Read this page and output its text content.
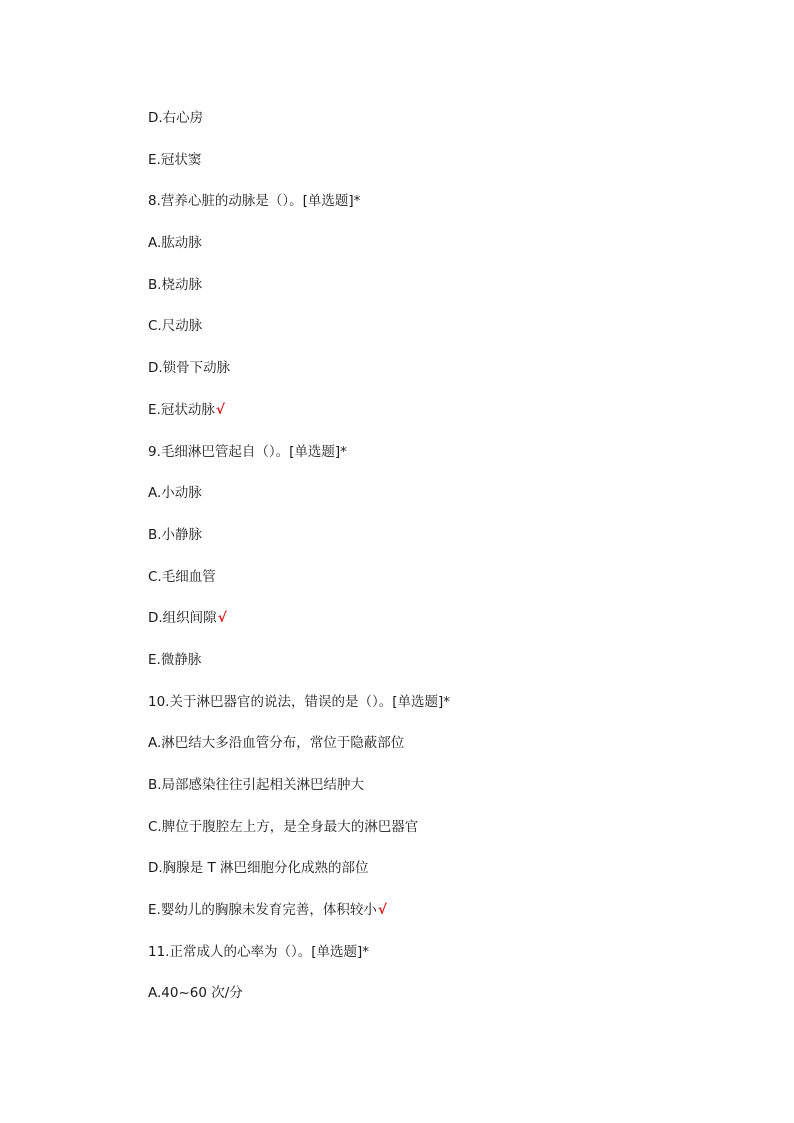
D.右心房
E.冠状窦
8.营养心脏的动脉是（）。[单选题]*
A.肱动脉
B.桡动脉
C.尺动脉
D.锁骨下动脉
E.冠状动脉√
9.毛细淋巴管起自（）。[单选题]*
A.小动脉
B.小静脉
C.毛细血管
D.组织间隙√
E.微静脉
10.关于淋巴器官的说法，错误的是（）。[单选题]*
A.淋巴结大多沿血管分布，常位于隐蔽部位
B.局部感染往往引起相关淋巴结肿大
C.脾位于腹腔左上方，是全身最大的淋巴器官
D.胸腺是 T 淋巴细胞分化成熟的部位
E.婴幼儿的胸腺未发育完善，体积较小√
11.正常成人的心率为（）。[单选题]*
A.40~60 次/分
